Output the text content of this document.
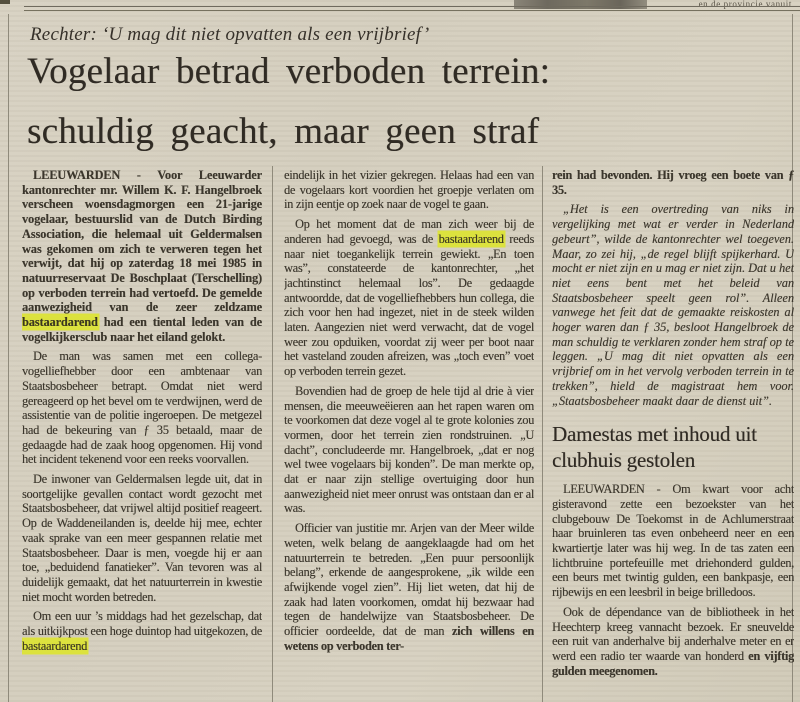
en de provincie vanuit
Rechter: ‘U mag dit niet opvatten als een vrijbrief’
Vogelaar betrad verboden terrein:
schuldig geacht, maar geen straf

LEEUWARDEN - Voor Leeuwarder kantonrechter mr. Willem K. F. Hangelbroek verscheen woensdagmorgen een 21-jarige vogelaar, bestuurslid van de Dutch Birding Association, die helemaal uit Geldermalsen was gekomen om zich te verweren tegen het verwijt, dat hij op zaterdag 18 mei 1985 in natuurreservaat De Boschplaat (Terschelling) op verboden terrein had vertoefd. De gemelde aanwezigheid van de zeer zeldzame bastaardarend had een tiental leden van de vogelkijkersclub naar het eiland gelokt.

De man was samen met een collega-vogelliefhebber door een ambtenaar van Staatsbosbeheer betrapt. Omdat niet werd gereageerd op het bevel om te verdwijnen, werd de assistentie van de politie ingeroepen. De metgezel had de bekeuring van ƒ 35 betaald, maar de gedaagde had de zaak hoog opgenomen. Hij vond het incident tekenend voor een reeks voorvallen.

De inwoner van Geldermalsen legde uit, dat in soortgelijke gevallen contact wordt gezocht met Staatsbosbeheer, dat vrijwel altijd positief reageert. Op de Waddeneilanden is, deelde hij mee, echter vaak sprake van een meer gespannen relatie met Staatsbosbeheer. Daar is men, voegde hij er aan toe, „beduidend fanatieker”. Van tevoren was al duidelijk gemaakt, dat het natuurterrein in kwestie niet mocht worden betreden.

Om een uur ’s middags had het gezelschap, dat als uitkijkpost een hoge duintop had uitgekozen, de bastaardarend

eindelijk in het vizier gekregen. Helaas had een van de vogelaars kort voordien het groepje verlaten om in zijn eentje op zoek naar de vogel te gaan.

Op het moment dat de man zich weer bij de anderen had gevoegd, was de bastaardarend reeds naar niet toegankelijk terrein gewiekt. „En toen was”, constateerde de kantonrechter, „het jachtinstinct helemaal los”. De gedaagde antwoordde, dat de vogelliefhebbers hun collega, die zich voor hen had ingezet, niet in de steek wilden laten. Aangezien niet werd verwacht, dat de vogel weer zou opduiken, voordat zij weer per boot naar het vasteland zouden afreizen, was „toch even” voet op verboden terrein gezet.

Bovendien had de groep de hele tijd al drie à vier mensen, die meeuweëieren aan het rapen waren om te voorkomen dat deze vogel al te grote kolonies zou vormen, door het terrein zien rondstruinen. „U dacht”, concludeerde mr. Hangelbroek, „dat er nog wel twee vogelaars bij konden”. De man merkte op, dat er naar zijn stellige overtuiging door hun aanwezigheid niet meer onrust was ontstaan dan er al was.

Officier van justitie mr. Arjen van der Meer wilde weten, welk belang de aangeklaagde had om het natuurterrein te betreden. „Een puur persoonlijk belang”, erkende de aangesprokene, „ik wilde een afwijkende vogel zien”. Hij liet weten, dat hij de zaak had laten voorkomen, omdat hij bezwaar had tegen de handelwijze van Staatsbosbeheer. De officier oordeelde, dat de man zich willens en wetens op verboden ter-

rein had bevonden. Hij vroeg een boete van ƒ 35.

„Het is een overtreding van niks in vergelijking met wat er verder in Nederland gebeurt”, wilde de kantonrechter wel toegeven. Maar, zo zei hij, „de regel blijft spijkerhard. U mocht er niet zijn en u mag er niet zijn. Dat u het niet eens bent met het beleid van Staatsbosbeheer speelt geen rol”. Alleen vanwege het feit dat de gemaakte reiskosten al hoger waren dan ƒ 35, besloot Hangelbroek de man schuldig te verklaren zonder hem straf op te leggen. „U mag dit niet opvatten als een vrijbrief om in het vervolg verboden terrein in te trekken”, hield de magistraat hem voor. „Staatsbosbeheer maakt daar de dienst uit”.

Damestas met inhoud uit
clubhuis gestolen

LEEUWARDEN - Om kwart voor acht gisteravond zette een bezoekster van het clubgebouw De Toekomst in de Achlumerstraat haar bruinleren tas even onbeheerd neer en een kwartiertje later was hij weg. In de tas zaten een lichtbruine portefeuille met driehonderd gulden, een beurs met twintig gulden, een bankpasje, een rijbewijs en een leesbril in beige brilledoos.

Ook de dépendance van de bibliotheek in het Heechterp kreeg vannacht bezoek. Er sneuvelde een ruit van anderhalve bij anderhalve meter en er werd een radio ter waarde van honderd en vijftig gulden meegenomen.
